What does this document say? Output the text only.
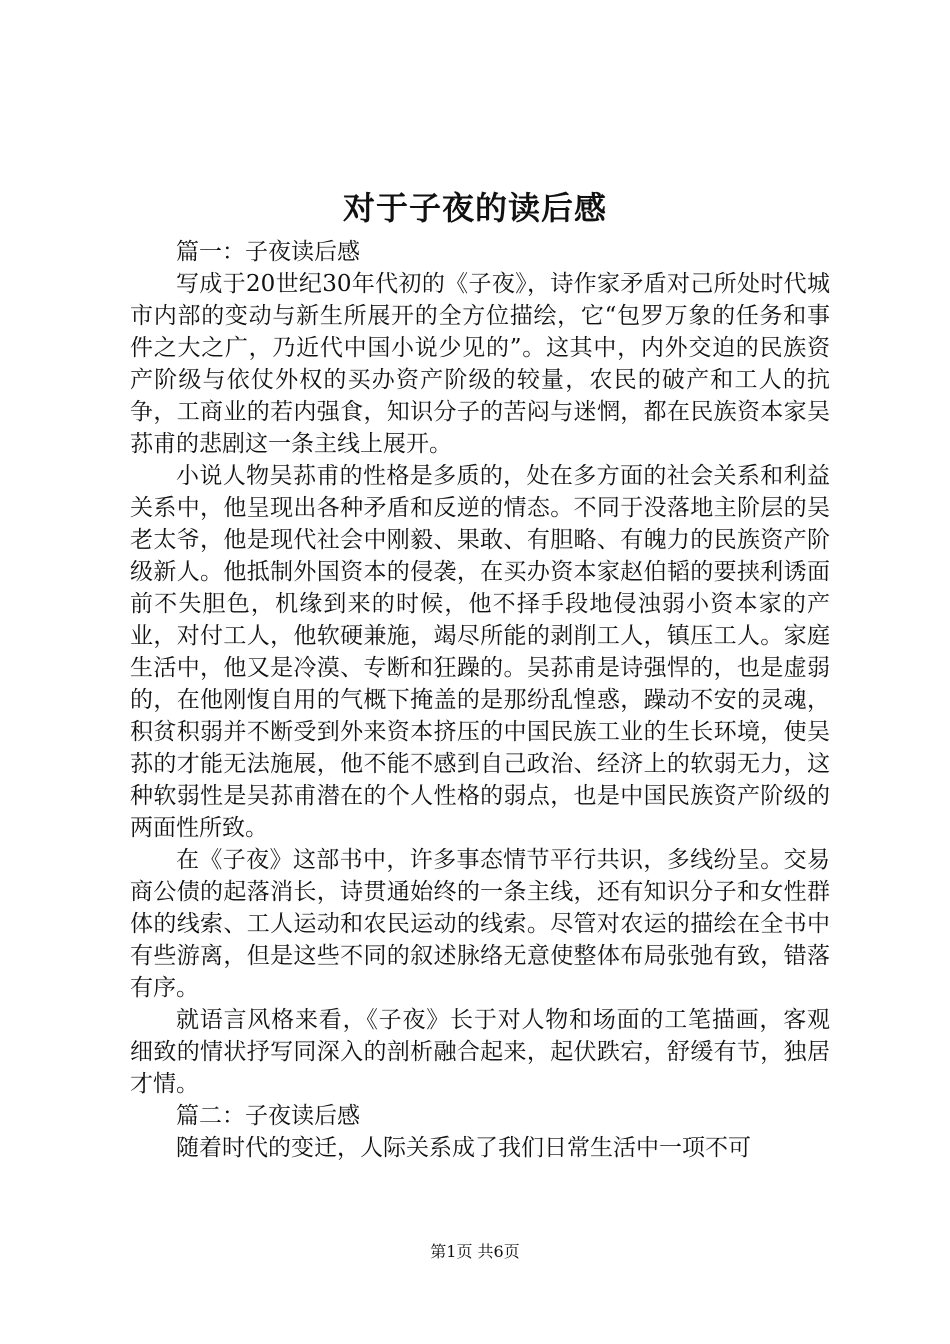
对于子夜的读后感

篇一：子夜读后感

写成于20世纪30年代初的《子夜》，诗作家矛盾对己所处时代城市内部的变动与新生所展开的全方位描绘，它“包罗万象的任务和事件之大之广，乃近代中国小说少见的”。这其中，内外交迫的民族资产阶级与依仗外权的买办资产阶级的较量，农民的破产和工人的抗争，工商业的若内强食，知识分子的苦闷与迷惘，都在民族资本家吴荪甫的悲剧这一条主线上展开。

小说人物吴荪甫的性格是多质的，处在多方面的社会关系和利益关系中，他呈现出各种矛盾和反逆的情态。不同于没落地主阶层的吴老太爷，他是现代社会中刚毅、果敢、有胆略、有魄力的民族资产阶级新人。他抵制外国资本的侵袭，在买办资本家赵伯韬的要挟利诱面前不失胆色，机缘到来的时候，他不择手段地侵浊弱小资本家的产业，对付工人，他软硬兼施，竭尽所能的剥削工人，镇压工人。家庭生活中，他又是冷漠、专断和狂躁的。吴荪甫是诗强悍的，也是虚弱的，在他刚愎自用的气概下掩盖的是那纷乱惶惑，躁动不安的灵魂，积贫积弱并不断受到外来资本挤压的中国民族工业的生长环境，使吴荪的才能无法施展，他不能不感到自己政治、经济上的软弱无力，这种软弱性是吴荪甫潜在的个人性格的弱点，也是中国民族资产阶级的两面性所致。

在《子夜》这部书中，许多事态情节平行共识，多线纷呈。交易商公债的起落消长，诗贯通始终的一条主线，还有知识分子和女性群体的线索、工人运动和农民运动的线索。尽管对农运的描绘在全书中有些游离，但是这些不同的叙述脉络无意使整体布局张弛有致，错落有序。

就语言风格来看，《子夜》长于对人物和场面的工笔描画，客观细致的情状抒写同深入的剖析融合起来，起伏跌宕，舒缓有节，独居才情。

篇二：子夜读后感

随着时代的变迁，人际关系成了我们日常生活中一项不可

第1页 共6页
